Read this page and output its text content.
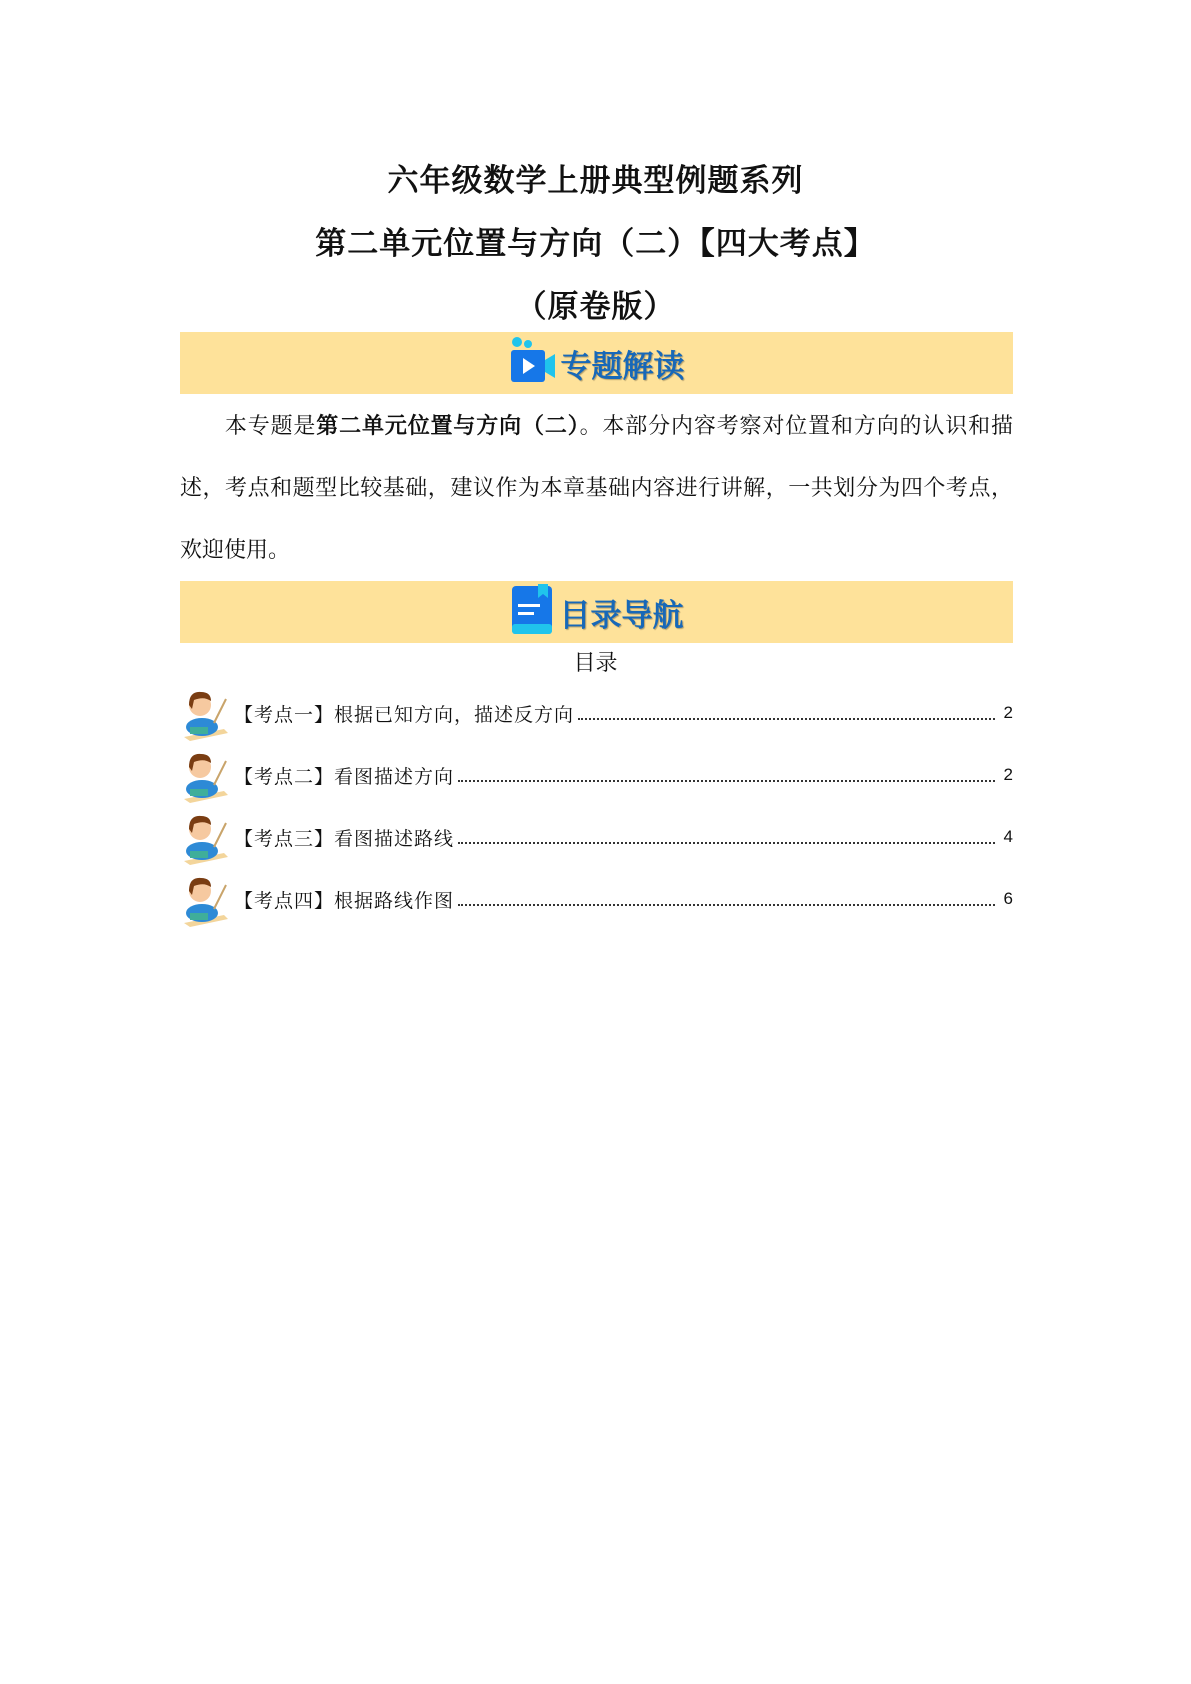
六年级数学上册典型例题系列
第二单元位置与方向（二）【四大考点】
（原卷版）
专题解读
本专题是第二单元位置与方向（二）。本部分内容考察对位置和方向的认识和描述，考点和题型比较基础，建议作为本章基础内容进行讲解，一共划分为四个考点，欢迎使用。
目录导航
目录
【考点一】根据已知方向，描述反方向	2
【考点二】看图描述方向	2
【考点三】看图描述路线	4
【考点四】根据路线作图	6
